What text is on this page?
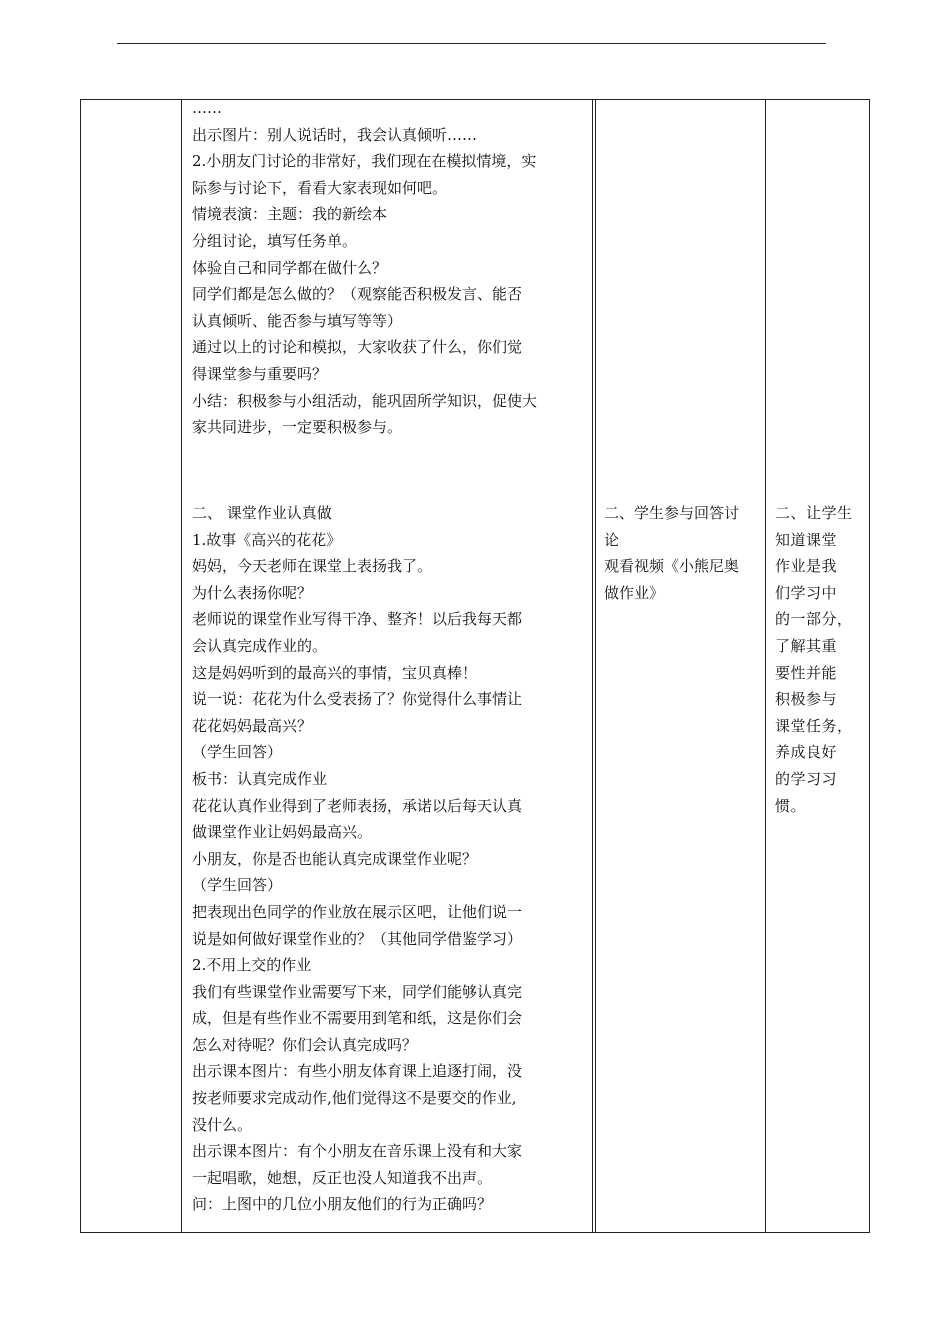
……

出示图片：别人说话时，我会认真倾听……

2.小朋友门讨论的非常好，我们现在在模拟情境，实

际参与讨论下，看看大家表现如何吧。

情境表演：主题：我的新绘本

分组讨论，填写任务单。

体验自己和同学都在做什么？

同学们都是怎么做的？（观察能否积极发言、能否

认真倾听、能否参与填写等等）

通过以上的讨论和模拟，大家收获了什么，你们觉

得课堂参与重要吗？

小结：积极参与小组活动，能巩固所学知识，促使大

家共同进步，一定要积极参与。

二、 课堂作业认真做

1.故事《高兴的花花》

妈妈，今天老师在课堂上表扬我了。

为什么表扬你呢？

老师说的课堂作业写得干净、整齐！以后我每天都

会认真完成作业的。

这是妈妈听到的最高兴的事情，宝贝真棒！

说一说：花花为什么受表扬了？你觉得什么事情让

花花妈妈最高兴？

（学生回答）

板书：认真完成作业

花花认真作业得到了老师表扬，承诺以后每天认真

做课堂作业让妈妈最高兴。

小朋友，你是否也能认真完成课堂作业呢？

（学生回答）

把表现出色同学的作业放在展示区吧，让他们说一

说是如何做好课堂作业的？（其他同学借鉴学习）

2.不用上交的作业

我们有些课堂作业需要写下来，同学们能够认真完

成，但是有些作业不需要用到笔和纸，这是你们会

怎么对待呢？你们会认真完成吗？

出示课本图片：有些小朋友体育课上追逐打闹，没

按老师要求完成动作,他们觉得这不是要交的作业,

没什么。

出示课本图片：有个小朋友在音乐课上没有和大家

一起唱歌，她想，反正也没人知道我不出声。

问：上图中的几位小朋友他们的行为正确吗？

二、学生参与回答讨

论

观看视频《小熊尼奥

做作业》

二、让学生

知道课堂

作业是我

们学习中

的一部分，

了解其重

要性并能

积极参与

课堂任务，

养成良好

的学习习

惯。
